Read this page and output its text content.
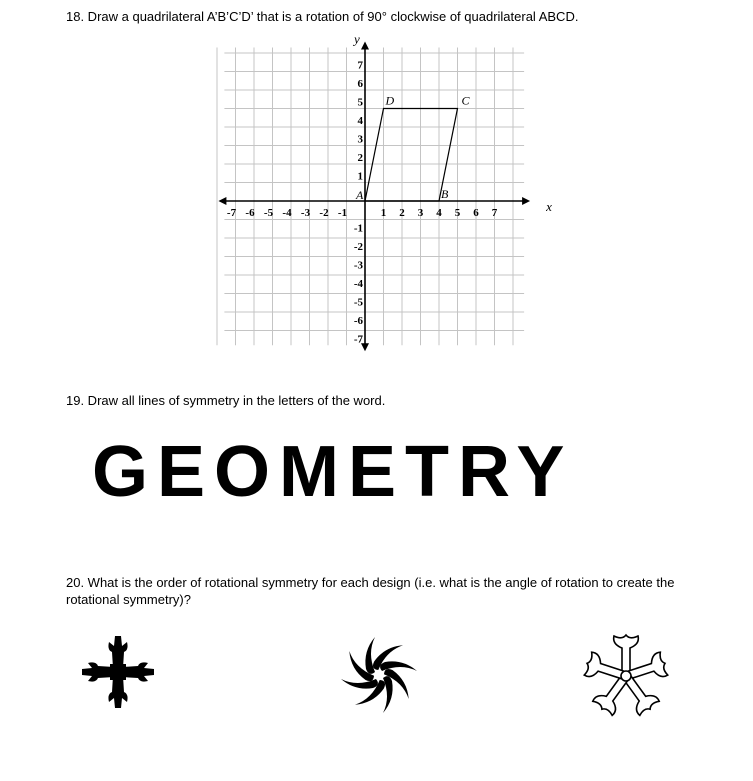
18. Draw a quadrilateral A’B’C’D’ that is a rotation of 90° clockwise of quadrilateral ABCD.
x
y
-7 -6 -5 -4 -3 -2 -1	1 2 3 4 5 6 7
7
6
5
4
3
2
1
-1
-2
-3
-4
-5
-6
-7
A	B
C
D
19. Draw all lines of symmetry in the letters of the word.
GEOMETRY
20. What is the order of rotational symmetry for each design (i.e. what is the angle of rotation to create the rotational symmetry)?
